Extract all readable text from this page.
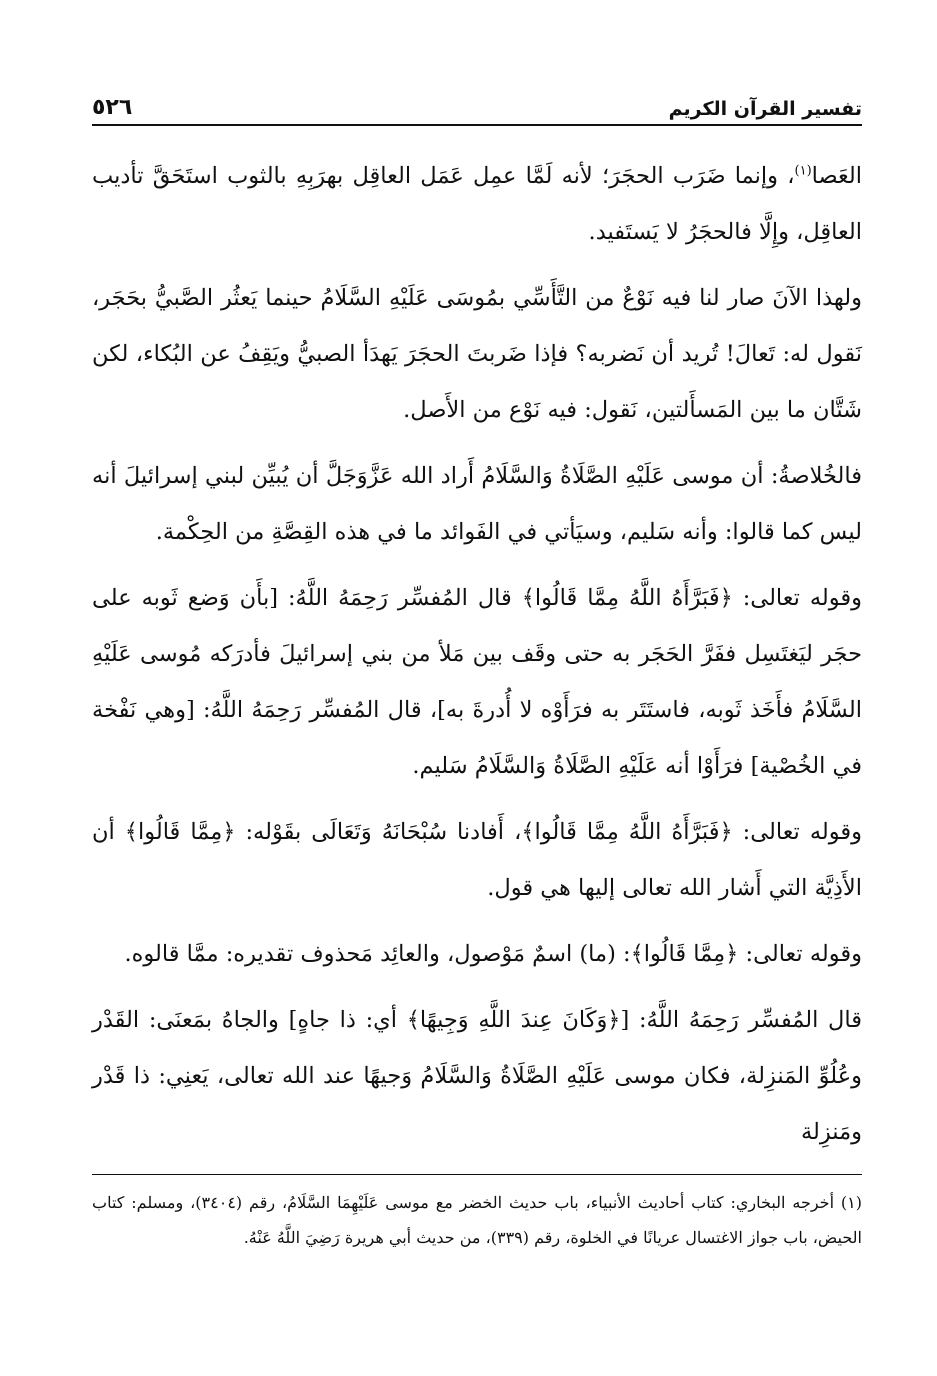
تفسير القرآن الكريم
٥٢٦

العَصا$^{(١)}$، وإنما ضَرَب الحجَرَ؛ لأنه لَمَّا عمِل عَمَل العاقِل بهرَبِهِ بالثوب استَحَقَّ تأديب العاقِل، وإِلَّا فالحجَرُ لا يَستَفيد.

ولهذا الآنَ صار لنا فيه نَوْعٌ من التَّأَسِّي بمُوسَى عَلَيْهِ السَّلَامُ حينما يَعثُر الصَّبيُّ بحَجَر، نَقول له: تَعالَ! تُريد أن نَضربه؟ فإذا ضَربتَ الحجَرَ يَهدَأ الصبيُّ ويَقِفُ عن البُكاء، لكن شَتَّان ما بين المَسأَلتين، نَقول: فيه نَوْع من الأَصل.

فالخُلاصةُ: أن موسى عَلَيْهِ الصَّلَاةُ وَالسَّلَامُ أَراد الله عَزَّوَجَلَّ أن يُبيِّن لبني إسرائيلَ أنه ليس كما قالوا: وأنه سَليم، وسيَأتي في الفَوائد ما في هذه القِصَّةِ من الحِكْمة.

وقوله تعالى: ﴿فَبَرَّأَهُ اللَّهُ مِمَّا قَالُوا﴾ قال المُفسِّر رَحِمَهُ اللَّهُ: [بأَن وَضع ثَوبه على حجَر ليَغتَسِل ففَرَّ الحَجَر به حتى وقَف بين مَلأ من بني إسرائيلَ فأدرَكه مُوسى عَلَيْهِ السَّلَامُ فأَخَذ ثَوبه، فاستَتَر به فرَأَوْه لا أُدرةَ به]، قال المُفسِّر رَحِمَهُ اللَّهُ: [وهي نَفْخة في الخُصْية] فرَأَوْا أنه عَلَيْهِ الصَّلَاةُ وَالسَّلَامُ سَليم.

وقوله تعالى: ﴿فَبَرَّأَهُ اللَّهُ مِمَّا قَالُوا﴾، أَفادنا سُبْحَانَهُ وَتَعَالَى بقَوْله: ﴿مِمَّا قَالُوا﴾ أن الأَذِيَّة التي أَشار الله تعالى إليها هي قول.

وقوله تعالى: ﴿مِمَّا قَالُوا﴾: (ما) اسمٌ مَوْصول، والعائِد مَحذوف تقديره: ممَّا قالوه.

قال المُفسِّر رَحِمَهُ اللَّهُ: [﴿وَكَانَ عِندَ اللَّهِ وَجِيهًا﴾ أي: ذا جاهٍ] والجاهُ بمَعنَى: القَدْر وعُلُوِّ المَنزِلة، فكان موسى عَلَيْهِ الصَّلَاةُ وَالسَّلَامُ وَجيهًا عند الله تعالى، يَعنِي: ذا قَدْر ومَنزِلة

(١) أخرجه البخاري: كتاب أحاديث الأنبياء، باب حديث الخضر مع موسى عَلَيْهِمَا السَّلَامُ، رقم (٣٤٠٤)، ومسلم: كتاب الحيض، باب جواز الاغتسال عريانًا في الخلوة، رقم (٣٣٩)، من حديث أبي هريرة رَضِيَ اللَّهُ عَنْهُ.
